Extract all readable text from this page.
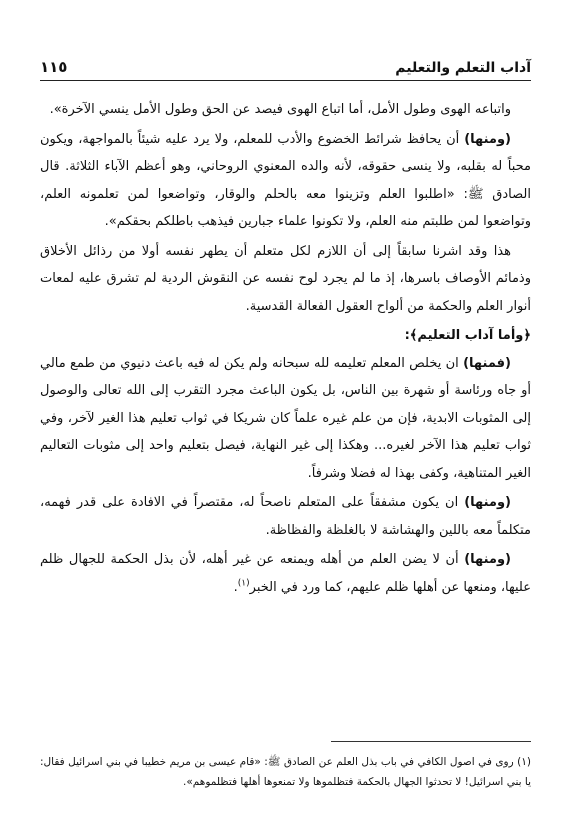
١١٥	آداب التعلم والتعليم

واتباعه الهوى وطول الأمل، أما اتباع الهوى فيصد عن الحق وطول الأمل ينسي الآخرة».

(ومنها) أن يحافظ شرائط الخضوع والأدب للمعلم، ولا يرد عليه شيئاً بالمواجهة، ويكون محباً له بقلبه، ولا ينسى حقوقه، لأنه والده المعنوي الروحاني، وهو أعظم الآباء الثلاثة. قال الصادق ﷺ: «اطلبوا العلم وتزينوا معه بالحلم والوقار، وتواضعوا لمن تعلمونه العلم، وتواضعوا لمن طلبتم منه العلم، ولا تكونوا علماء جبارين فيذهب باطلكم بحقكم».

هذا وقد اشرنا سابقاً إلى أن اللازم لكل متعلم أن يطهر نفسه أولا من رذائل الأخلاق وذمائم الأوصاف باسرها، إذ ما لم يجرد لوح نفسه عن النقوش الردية لم تشرق عليه لمعات أنوار العلم والحكمة من ألواح العقول الفعالة القدسية.

﴿وأما آداب التعليم﴾:

(فمنها) ان يخلص المعلم تعليمه لله سبحانه ولم يكن له فيه باعث دنيوي من طمع مالي أو جاه ورئاسة أو شهرة بين الناس، بل يكون الباعث مجرد التقرب إلى الله تعالى والوصول إلى المثوبات الابدية، فإن من علم غيره علماً كان شريكا في ثواب تعليم هذا الغير لآخر، وفي ثواب تعليم هذا الآخر لغيره... وهكذا إلى غير النهاية، فيصل بتعليم واحد إلى مثوبات التعاليم الغير المتناهية، وكفى بهذا له فضلا وشرفاً.

(ومنها) ان يكون مشفقاً على المتعلم ناصحاً له، مقتصراً في الافادة على قدر فهمه، متكلماً معه باللين والهشاشة لا بالغلظة والفظاظة.

(ومنها) أن لا يضن العلم من أهله ويمنعه عن غير أهله، لأن بذل الحكمة للجهال ظلم عليها، ومنعها عن أهلها ظلم عليهم، كما ورد في الخبر$^{(١)}$.

(١) روى في اصول الكافي في باب بذل العلم عن الصادق ﷺ: «قام عيسى بن مريم خطيبا في بني اسرائيل فقال: يا بني اسرائيل! لا تحدثوا الجهال بالحكمة فتظلموها ولا تمنعوها أهلها فتظلموهم».
